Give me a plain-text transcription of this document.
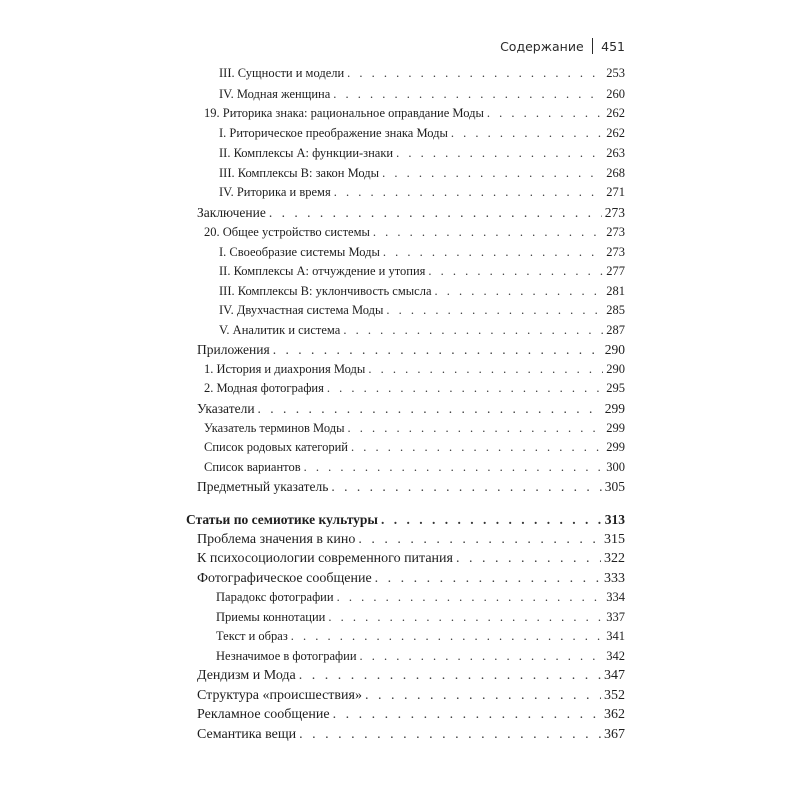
Содержание 451
III. Сущности и модели . . .	253
IV. Модная женщина . . .	260
19. Риторика знака: рациональное оправдание Моды . . .	262
I. Риторическое преображение знака Моды . . .	262
II. Комплексы А: функции-знаки . . .	263
III. Комплексы В: закон Моды . . .	268
IV. Риторика и время . . .	271
Заключение . . .	273
20. Общее устройство системы . . .	273
I. Своеобразие системы Моды . . .	273
II. Комплексы А: отчуждение и утопия . . .	277
III. Комплексы В: уклончивость смысла . . .	281
IV. Двухчастная система Моды . . .	285
V. Аналитик и система . . .	287
Приложения . . .	290
1. История и диахрония Моды . . .	290
2. Модная фотография . . .	295
Указатели . . .	299
Указатель терминов Моды . . .	299
Список родовых категорий . . .	299
Список вариантов . . .	300
Предметный указатель . . .	305
Статьи по семиотике культуры . . .	313
Проблема значения в кино . . .	315
К психосоциологии современного питания . . .	322
Фотографическое сообщение . . .	333
Парадокс фотографии . . .	334
Приемы коннотации . . .	337
Текст и образ . . .	341
Незначимое в фотографии . . .	342
Дендизм и Мода . . .	347
Структура «происшествия» . . .	352
Рекламное сообщение . . .	362
Семантика вещи . . .	367
